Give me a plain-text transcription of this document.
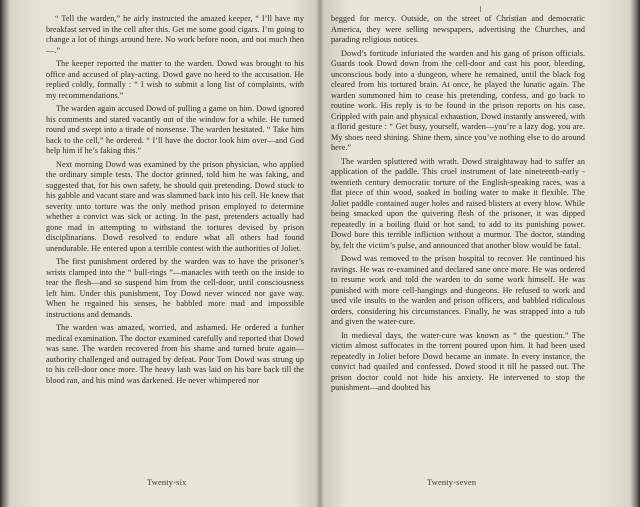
“ Tell the warden,” he airly instructed the amazed keeper, “ I’ll have my breakfast served in the cell after this. Get me some good cigars. I’m going to change a lot of things around here. No work before noon, and not much then—.”

The keeper reported the matter to the warden. Dowd was brought to his office and accused of play-acting. Dowd gave no heed to the accusation. He replied coldly, formally : “ I wish to submit a long list of complaints, with my recommendations.”

The warden again accused Dowd of pulling a game on him. Dowd ignored his comments and stared vacantly out of the window for a while. He turned round and swept into a tirade of nonsense. The warden hesitated. “ Take him back to the cell,” he ordered. “ I’ll have the doctor look him over—and God help him if he’s faking this.”

Next morning Dowd was examined by the prison physician, who applied the ordinary simple tests. The doctor grinned, told him he was faking, and suggested that, for his own safety, he should quit pretending. Dowd stuck to his gabble and vacant stare and was slammed back into his cell. He knew that severity unto torture was the only method prison employed to determine whether a convict was sick or acting. In the past, pretenders actually had gone mad in attempting to withstand the tortures devised by prison disciplinarians. Dowd resolved to endure what all others had found unendurable. He entered upon a terrible contest with the authorities of Joliet.

The first punishment ordered by the warden was to have the prisoner’s wrists clamped into the “ bull-rings ”—manacles with teeth on the inside to tear the flesh—and so suspend him from the cell-door, until consciousness left him. Under this punishment, Toy Dowd never winced nor gave way. When he regained his senses, he babbled more mad and impossible instructions and demands.

The warden was amazed, worried, and ashamed. He ordered a further medical examination. The doctor examined carefully and reported that Dowd was sane. The warden recovered from his shame and turned brute again—authority challenged and outraged by defeat. Poor Tom Dowd was strung up to his cell-door once more. The heavy lash was laid on his bare back till the blood ran, and his mind was darkened. He never whimpered nor

Twenty-six

begged for mercy. Outside, on the street of Christian and democratic America, they were selling newspapers, advertising the Churches, and parading religious notices.

Dowd’s fortitude infuriated the warden and his gang of prison officials. Guards took Dowd down from the cell-door and cast his poor, bleeding, unconscious body into a dungeon, where he remained, until the black fog cleared from his tortured brain. At once, he played the lunatic again. The warden summoned him to cease his pretending, confess, and go back to routine work. His reply is to be found in the prison reports on his case. Crippled with pain and physical exhaustion, Dowd instantly answered, with a florid gesture : “ Get busy, yourself, warden—you’re a lazy dog, you are. My shoes need shining. Shine them, since you’ve nothing else to do around here.”

The warden spluttered with wrath. Dowd straightaway had to suffer an application of the paddle. This cruel instrument of late nineteenth-early -twentieth century democratic torture of the English-speaking races, was a flat piece of thin wood, soaked in boiling water to make it flexible. The Joliet paddle contained auger holes and raised blisters at every blow. While being smacked upon the quivering flesh of the prisoner, it was dipped repeatedly in a boiling fluid or hot sand, to add to its punishing power. Dowd bore this terrible infliction without a murmur. The doctor, standing by, felt the victim’s pulse, and announced that another blow would be fatal.

Dowd was removed to the prison hospital to recover. He continued his ravings. He was re-examined and declared sane once more. He was ordered to resume work and told the warden to do some work himself. He was punished with more cell-hangings and dungeons. He refused to work and used vile insults to the warden and prison officers, and babbled ridiculous orders, considering his circumstances. Finally, he was strapped into a tub and given the water-cure.

In medieval days, the water-cure was known as “ the question.” The victim almost suffocates in the torrent poured upon him. It had been used repeatedly in Joliet before Dowd became an inmate. In every instance, the convict had quailed and confessed. Dowd stood it till he passed out. The prison doctor could not hide his anxiety. He intervened to stop the punishment—and doubted his

Twenty-seven
